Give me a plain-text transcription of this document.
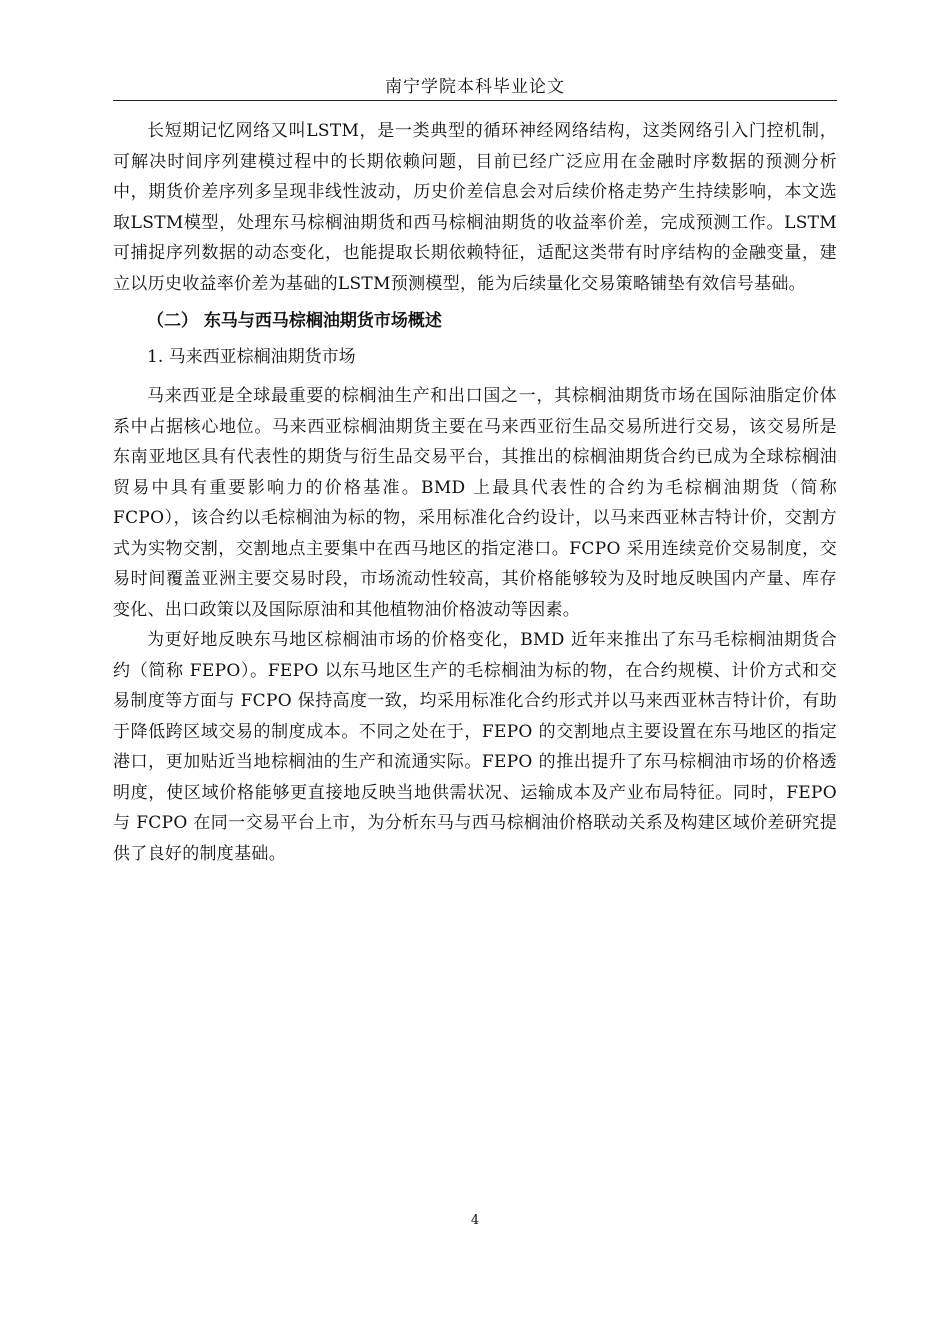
南宁学院本科毕业论文

长短期记忆网络又叫LSTM，是一类典型的循环神经网络结构，这类网络引入门控机制，可解决时间序列建模过程中的长期依赖问题，目前已经广泛应用在金融时序数据的预测分析中，期货价差序列多呈现非线性波动，历史价差信息会对后续价格走势产生持续影响，本文选取LSTM模型，处理东马棕榈油期货和西马棕榈油期货的收益率价差，完成预测工作。LSTM可捕捉序列数据的动态变化，也能提取长期依赖特征，适配这类带有时序结构的金融变量，建立以历史收益率价差为基础的LSTM预测模型，能为后续量化交易策略铺垫有效信号基础。

（二） 东马与西马棕榈油期货市场概述
1. 马来西亚棕榈油期货市场

马来西亚是全球最重要的棕榈油生产和出口国之一，其棕榈油期货市场在国际油脂定价体系中占据核心地位。马来西亚棕榈油期货主要在马来西亚衍生品交易所进行交易，该交易所是东南亚地区具有代表性的期货与衍生品交易平台，其推出的棕榈油期货合约已成为全球棕榈油贸易中具有重要影响力的价格基准。BMD 上最具代表性的合约为毛棕榈油期货（简称 FCPO），该合约以毛棕榈油为标的物，采用标准化合约设计，以马来西亚林吉特计价，交割方式为实物交割，交割地点主要集中在西马地区的指定港口。FCPO 采用连续竞价交易制度，交易时间覆盖亚洲主要交易时段，市场流动性较高，其价格能够较为及时地反映国内产量、库存变化、出口政策以及国际原油和其他植物油价格波动等因素。

为更好地反映东马地区棕榈油市场的价格变化，BMD 近年来推出了东马毛棕榈油期货合约（简称 FEPO）。FEPO 以东马地区生产的毛棕榈油为标的物，在合约规模、计价方式和交易制度等方面与 FCPO 保持高度一致，均采用标准化合约形式并以马来西亚林吉特计价，有助于降低跨区域交易的制度成本。不同之处在于，FEPO 的交割地点主要设置在东马地区的指定港口，更加贴近当地棕榈油的生产和流通实际。FEPO 的推出提升了东马棕榈油市场的价格透明度，使区域价格能够更直接地反映当地供需状况、运输成本及产业布局特征。同时，FEPO 与 FCPO 在同一交易平台上市，为分析东马与西马棕榈油价格联动关系及构建区域价差研究提供了良好的制度基础。

4
